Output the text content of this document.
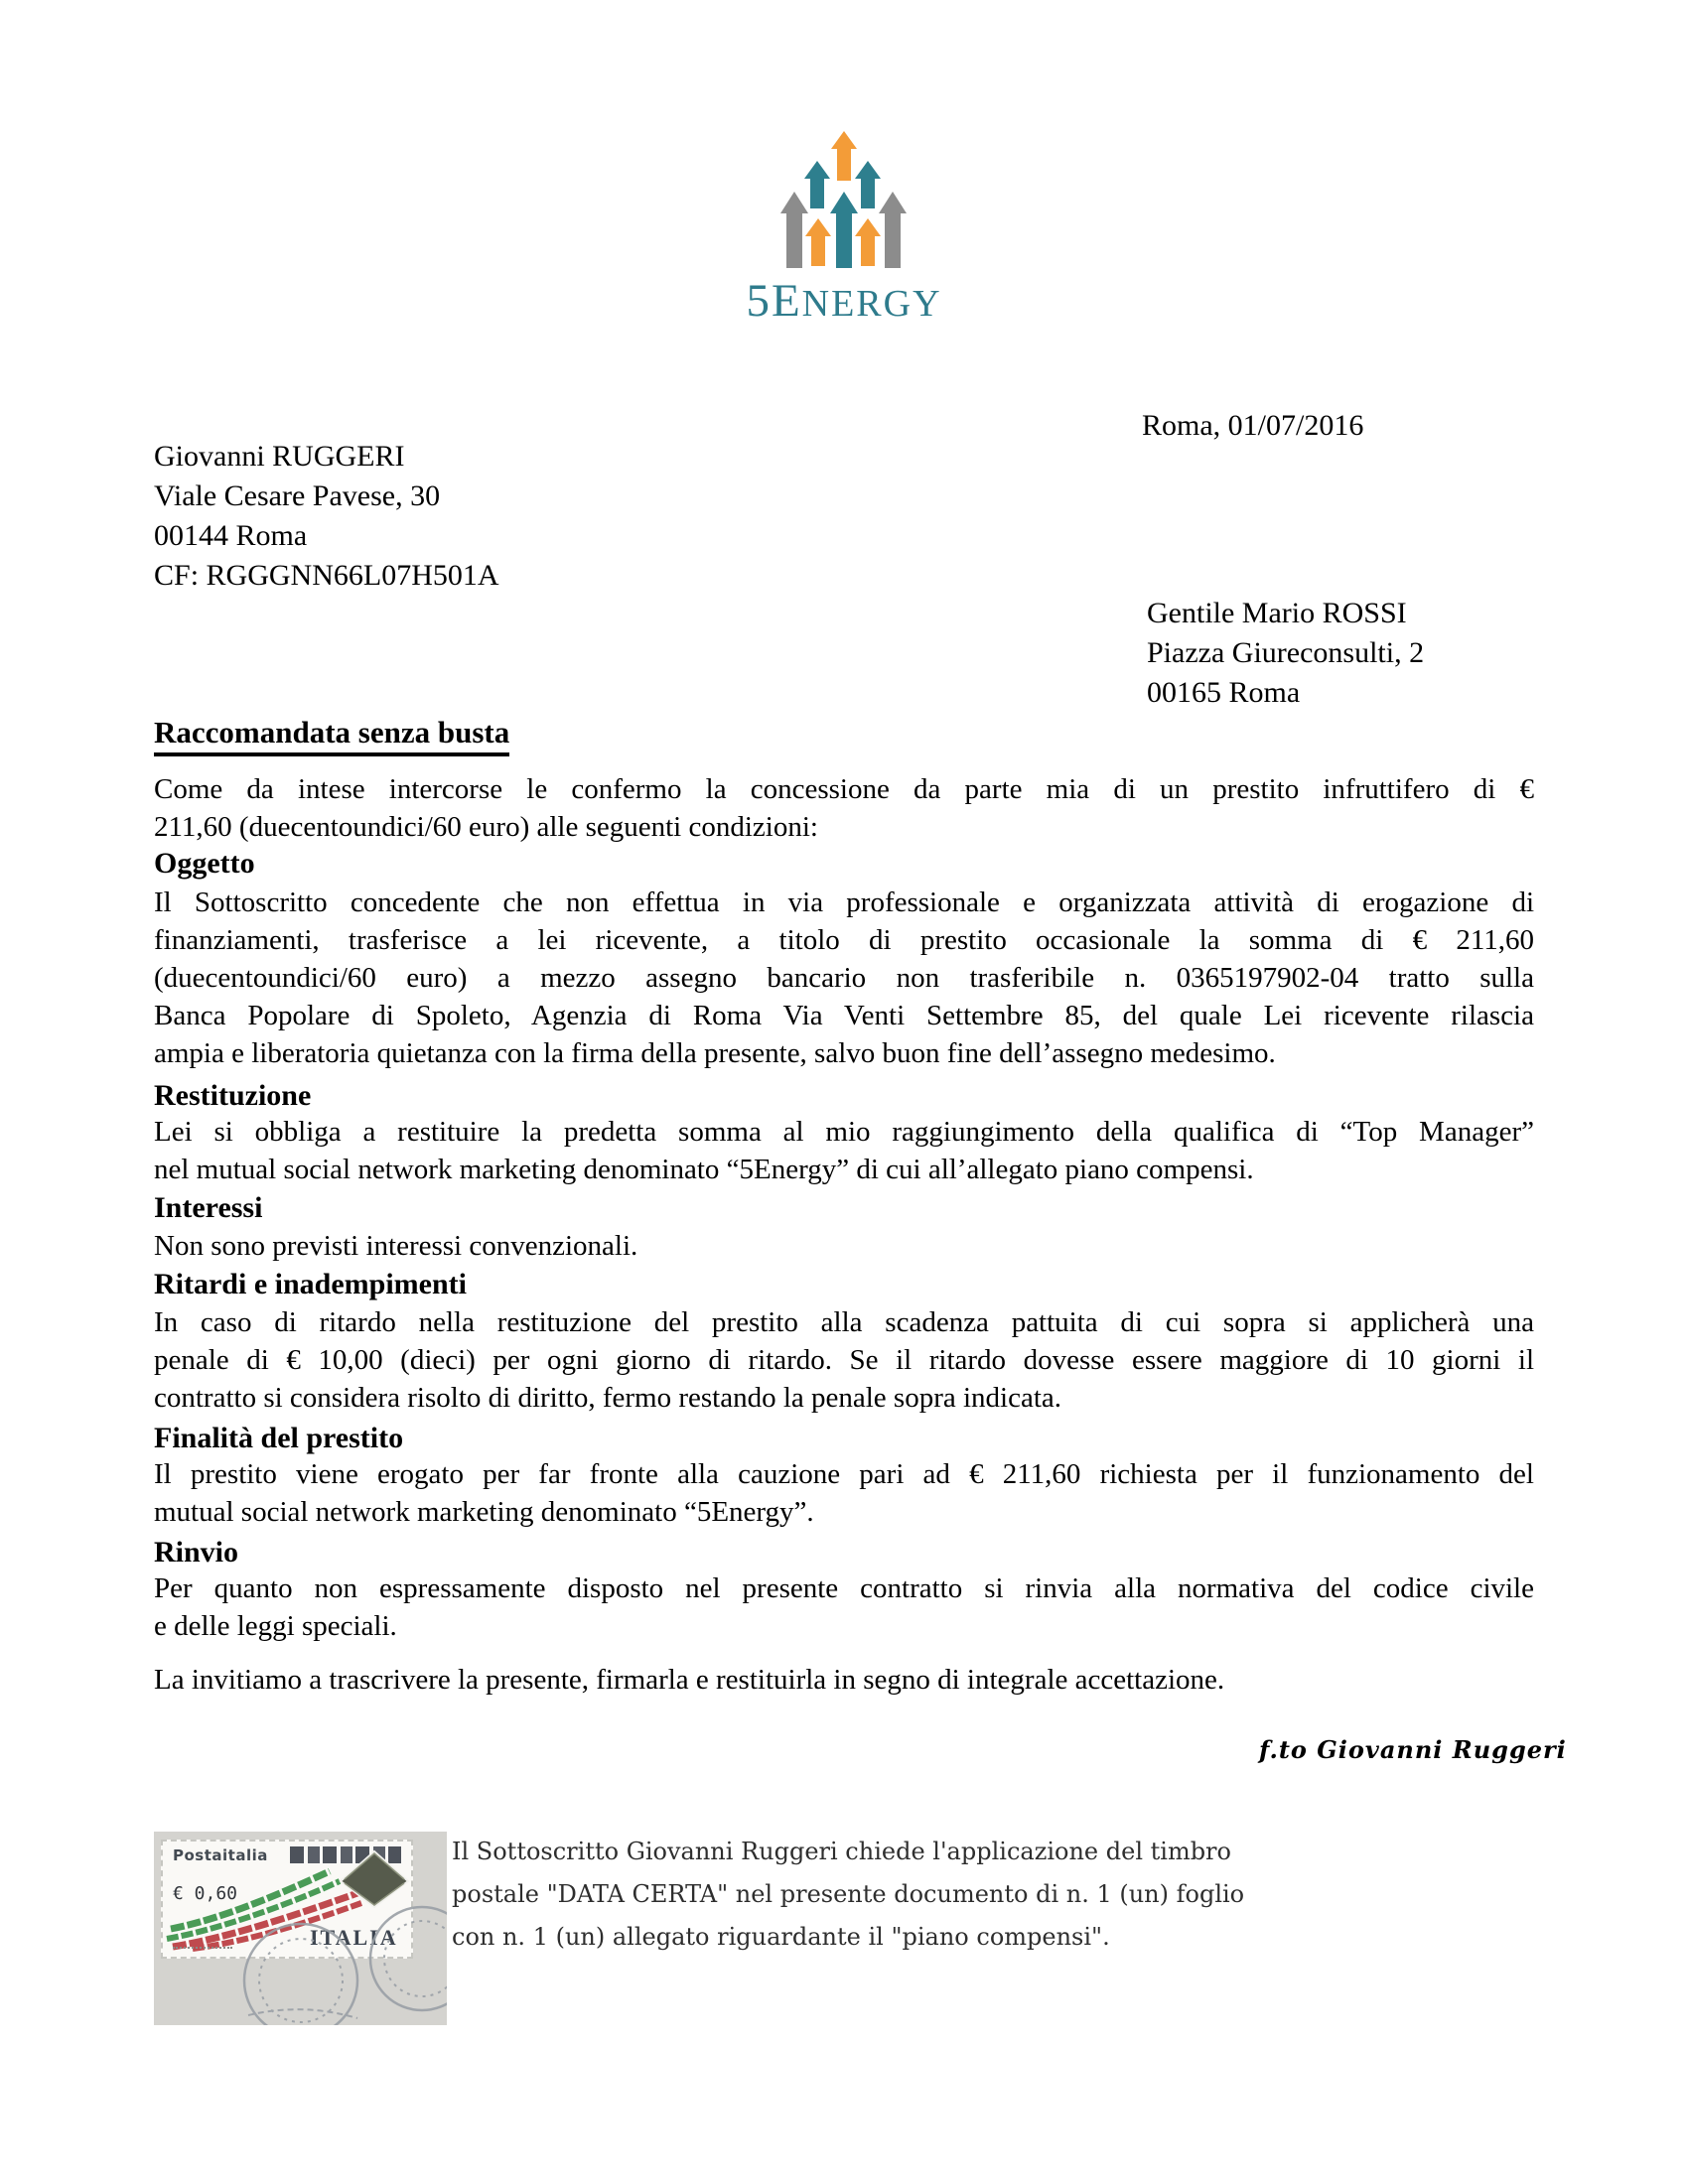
5ENERGY
Roma, 01/07/2016
Giovanni RUGGERI
Viale Cesare Pavese, 30
00144 Roma
CF: RGGGNN66L07H501A
Gentile Mario ROSSI
Piazza Giureconsulti, 2
00165 Roma
Raccomandata senza busta
Come da intese intercorse le confermo la concessione da parte mia di un prestito infruttifero di €
211,60 (duecentoundici/60 euro) alle seguenti condizioni:
Oggetto
Il Sottoscritto concedente che non effettua in via professionale e organizzata attività di erogazione di
finanziamenti, trasferisce a lei ricevente, a titolo di prestito occasionale la somma di € 211,60
(duecentoundici/60 euro) a mezzo assegno bancario non trasferibile n. 0365197902-04 tratto sulla
Banca Popolare di Spoleto, Agenzia di Roma Via Venti Settembre 85, del quale Lei ricevente rilascia
ampia e liberatoria quietanza con la firma della presente, salvo buon fine dell’assegno medesimo.
Restituzione
Lei si obbliga a restituire la predetta somma al mio raggiungimento della qualifica di “Top Manager”
nel mutual social network marketing denominato “5Energy” di cui all’allegato piano compensi.
Interessi
Non sono previsti interessi convenzionali.
Ritardi e inadempimenti
In caso di ritardo nella restituzione del prestito alla scadenza pattuita di cui sopra si applicherà una
penale di € 10,00 (dieci) per ogni giorno di ritardo. Se il ritardo dovesse essere maggiore di 10 giorni il
contratto si considera risolto di diritto, fermo restando la penale sopra indicata.
Finalità del prestito
Il prestito viene erogato per far fronte alla cauzione pari ad € 211,60 richiesta per il funzionamento del
mutual social network marketing denominato “5Energy”.
Rinvio
Per quanto non espressamente disposto nel presente contratto si rinvia alla normativa del codice civile
e delle leggi speciali.
La invitiamo a trascrivere la presente, firmarla e restituirla in segno di integrale accettazione.
f.to Giovanni Ruggeri
Postaitalia
€ 0,60
ITALIA
Il Sottoscritto Giovanni Ruggeri chiede l'applicazione del timbro
postale "DATA CERTA" nel presente documento di n. 1 (un) foglio
con n. 1 (un) allegato riguardante il "piano compensi".
